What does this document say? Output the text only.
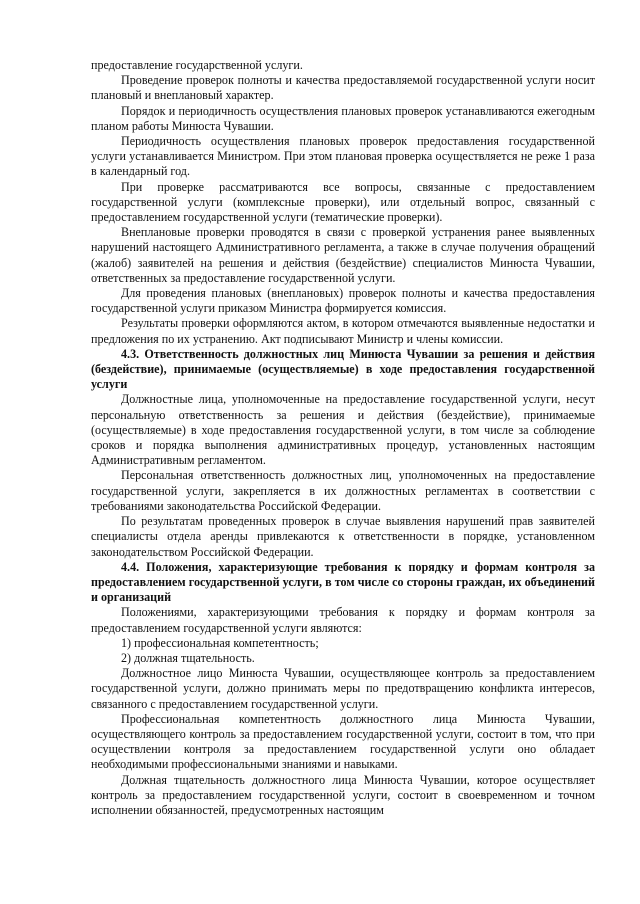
предоставление государственной услуги.

Проведение проверок полноты и качества предоставляемой государственной услуги носит плановый и внеплановый характер.

Порядок и периодичность осуществления плановых проверок устанавливаются ежегодным планом работы Минюста Чувашии.

Периодичность осуществления плановых проверок предоставления государственной услуги устанавливается Министром. При этом плановая проверка осуществляется не реже 1 раза в календарный год.

При проверке рассматриваются все вопросы, связанные с предоставлением государственной услуги (комплексные проверки), или отдельный вопрос, связанный с предоставлением государственной услуги (тематические проверки).

Внеплановые проверки проводятся в связи с проверкой устранения ранее выявленных нарушений настоящего Административного регламента, а также в случае получения обращений (жалоб) заявителей на решения и действия (бездействие) специалистов Минюста Чувашии, ответственных за предоставление государственной услуги.

Для проведения плановых (внеплановых) проверок полноты и качества предоставления государственной услуги приказом Министра формируется комиссия.

Результаты проверки оформляются актом, в котором отмечаются выявленные недостатки и предложения по их устранению. Акт подписывают Министр и члены комиссии.

4.3. Ответственность должностных лиц Минюста Чувашии за решения и действия (бездействие), принимаемые (осуществляемые) в ходе предоставления государственной услуги

Должностные лица, уполномоченные на предоставление государственной услуги, несут персональную ответственность за решения и действия (бездействие), принимаемые (осуществляемые) в ходе предоставления государственной услуги, в том числе за соблюдение сроков и порядка выполнения административных процедур, установленных настоящим Административным регламентом.

Персональная ответственность должностных лиц, уполномоченных на предоставление государственной услуги, закрепляется в их должностных регламентах в соответствии с требованиями законодательства Российской Федерации.

По результатам проведенных проверок в случае выявления нарушений прав заявителей специалисты отдела аренды привлекаются к ответственности в порядке, установленном законодательством Российской Федерации.

4.4. Положения, характеризующие требования к порядку и формам контроля за предоставлением государственной услуги, в том числе со стороны граждан, их объединений и организаций

Положениями, характеризующими требования к порядку и формам контроля за предоставлением государственной услуги являются:

1) профессиональная компетентность;

2) должная тщательность.

Должностное лицо Минюста Чувашии, осуществляющее контроль за предоставлением государственной услуги, должно принимать меры по предотвращению конфликта интересов, связанного с предоставлением государственной услуги.

Профессиональная компетентность должностного лица Минюста Чувашии, осуществляющего контроль за предоставлением государственной услуги, состоит в том, что при осуществлении контроля за предоставлением государственной услуги оно обладает необходимыми профессиональными знаниями и навыками.

Должная тщательность должностного лица Минюста Чувашии, которое осуществляет контроль за предоставлением государственной услуги, состоит в своевременном и точном исполнении обязанностей, предусмотренных настоящим
